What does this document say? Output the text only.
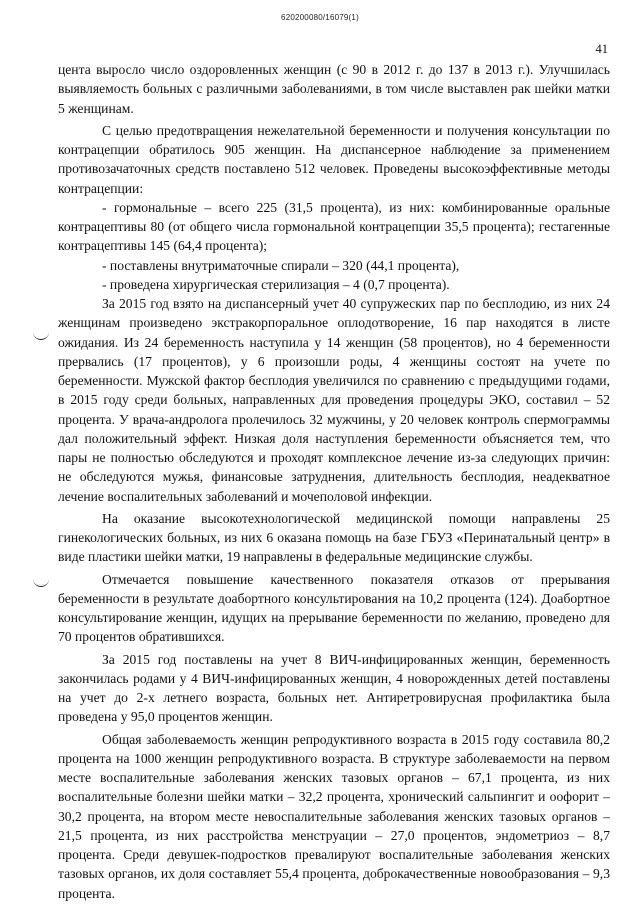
620200080/16079(1)
41

цента выросло число оздоровленных женщин (с 90 в 2012 г. до 137 в 2013 г.). Улучшилась выявляемость больных с различными заболеваниями, в том числе выставлен рак шейки матки 5 женщинам.

С целью предотвращения нежелательной беременности и получения консультации по контрацепции обратилось 905 женщин. На диспансерное наблюдение за применением противозачаточных средств поставлено 512 человек. Проведены высокоэффективные методы контрацепции:

- гормональные – всего 225 (31,5 процента), из них: комбинированные оральные контрацептивы 80 (от общего числа гормональной контрацепции 35,5 процента); гестагенные контрацептивы 145 (64,4 процента);

- поставлены внутриматочные спирали – 320 (44,1 процента),

- проведена хирургическая стерилизация – 4 (0,7 процента).

За 2015 год взято на диспансерный учет 40 супружеских пар по бесплодию, из них 24 женщинам произведено экстракорпоральное оплодотворение, 16 пар находятся в листе ожидания. Из 24 беременность наступила у 14 женщин (58 процентов), но 4 беременности прервались (17 процентов), у 6 произошли роды, 4 женщины состоят на учете по беременности. Мужской фактор бесплодия увеличился по сравнению с предыдущими годами, в 2015 году среди больных, направленных для проведения процедуры ЭКО, составил – 52 процента. У врача-андролога пролечилось 32 мужчины, у 20 человек контроль спермограммы дал положительный эффект. Низкая доля наступления беременности объясняется тем, что пары не полностью обследуются и проходят комплексное лечение из-за следующих причин: не обследуются мужья, финансовые затруднения, длительность бесплодия, неадекватное лечение воспалительных заболеваний и мочеполовой инфекции.

На оказание высокотехнологической медицинской помощи направлены 25 гинекологических больных, из них 6 оказана помощь на базе ГБУЗ «Перинатальный центр» в виде пластики шейки матки, 19 направлены в федеральные медицинские службы.

Отмечается повышение качественного показателя отказов от прерывания беременности в результате доабортного консультирования на 10,2 процента (124). Доабортное консультирование женщин, идущих на прерывание беременности по желанию, проведено для 70 процентов обратившихся.

За 2015 год поставлены на учет 8 ВИЧ-инфицированных женщин, беременность закончилась родами у 4 ВИЧ-инфицированных женщин, 4 новорожденных детей поставлены на учет до 2-х летнего возраста, больных нет. Антиретровирусная профилактика была проведена у 95,0 процентов женщин.

Общая заболеваемость женщин репродуктивного возраста в 2015 году составила 80,2 процента на 1000 женщин репродуктивного возраста. В структуре заболеваемости на первом месте воспалительные заболевания женских тазовых органов – 67,1 процента, из них воспалительные болезни шейки матки – 32,2 процента, хронический сальпингит и оофорит – 30,2 процента, на втором месте невоспалительные заболевания женских тазовых органов – 21,5 процента, из них расстройства менструации – 27,0 процентов, эндометриоз – 8,7 процента. Среди девушек-подростков превалируют воспалительные заболевания женских тазовых органов, их доля составляет 55,4 процента, доброкачественные новообразования – 9,3 процента.
